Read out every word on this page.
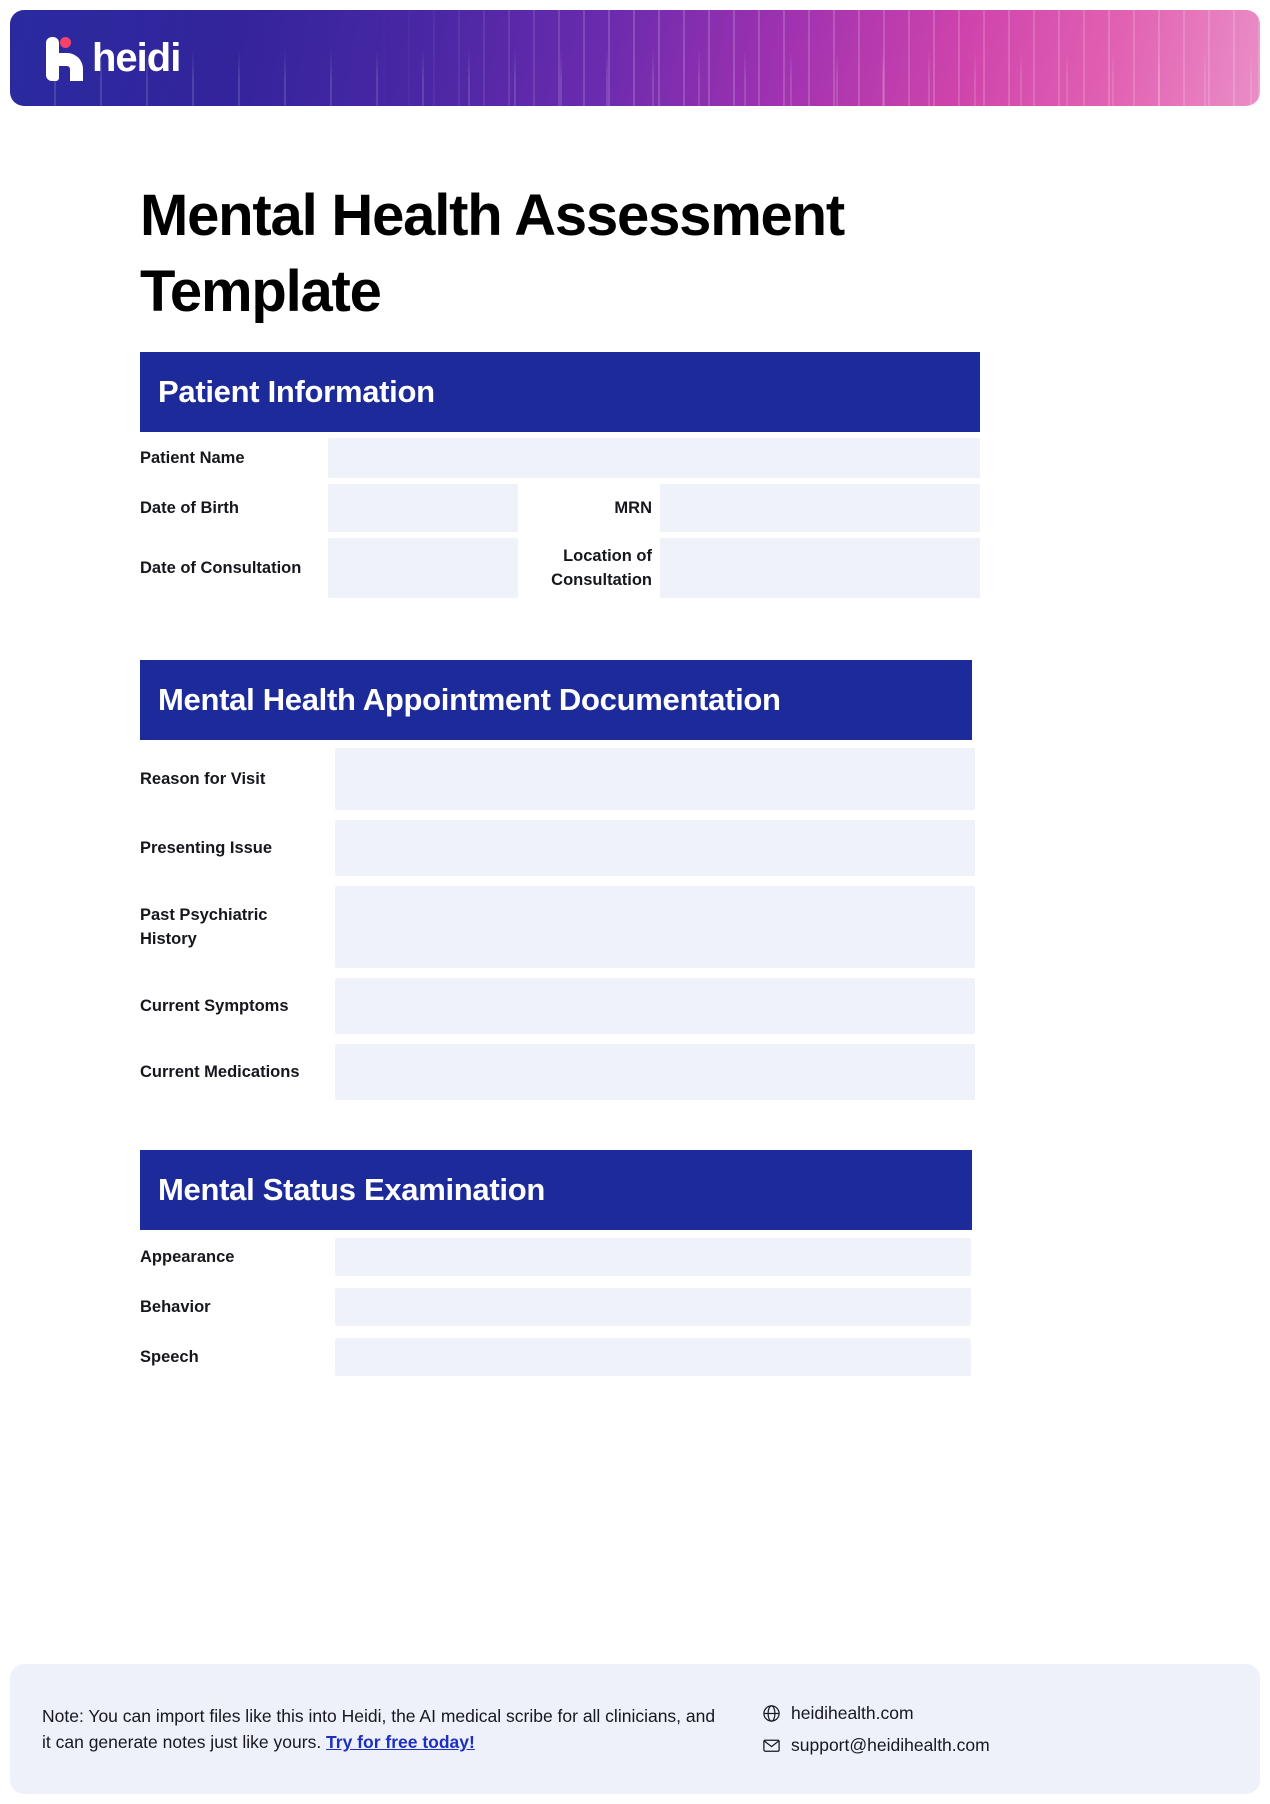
heidi
Mental Health Assessment Template
Patient Information
Patient Name
Date of Birth	MRN
Date of Consultation
Location of Consultation
Mental Health Appointment Documentation
Reason for Visit
Presenting Issue
Past Psychiatric History
Current Symptoms
Current Medications
Mental Status Examination
Appearance
Behavior
Speech
Note: You can import files like this into Heidi, the AI medical scribe for all clinicians, and it can generate notes just like yours. Try for free today!
heidihealth.com
support@heidihealth.com
